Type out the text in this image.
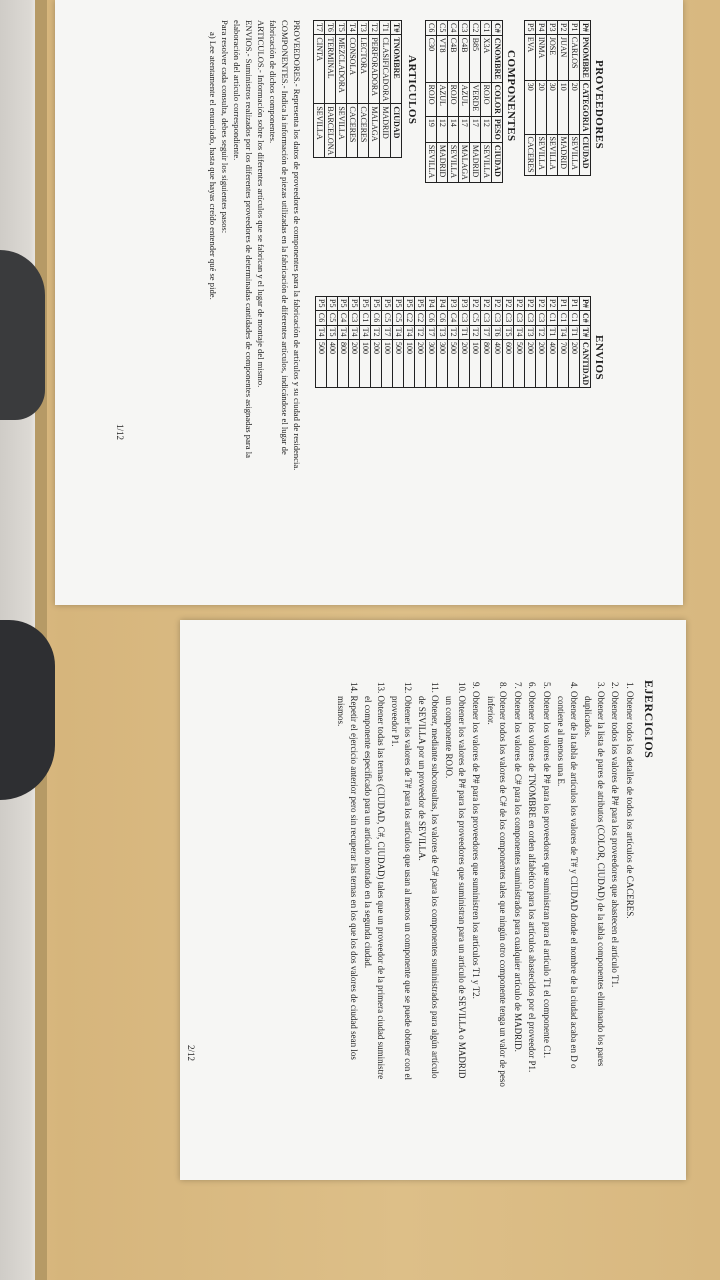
PROVEEDORES
P#	PNOMBRE	CATEGORIA	CIUDAD
P1	CARLOS	20	SEVILLA
P2	JUAN	10	MADRID
P3	JOSE	30	SEVILLA
P4	INMA	20	SEVILLA
P5	EVA	30	CACERES
COMPONENTES
C#	CNOMBRE	COLOR	PESO	CIUDAD
C1	X3A	ROJO	12	SEVILLA
C2	B85	VERDE	17	MADRID
C3	C4B	AZUL	17	MALAGA
C4	C4B	ROJO	14	SEVILLA
C5	VT8	AZUL	12	MADRID
C6	C30	ROJO	19	SEVILLA
ARTICULOS
T#	TNOMBRE	CIUDAD
T1	CLASIFICADORA	MADRID
T2	PERFORADORA	MALAGA
T3	LECTORA	CACERES
T4	CONSOLA	CACERES
T5	MEZCLADORA	SEVILLA
T6	TERMINAL	BARCELONA
T7	CINTA	SEVILLA
ENVIOS
P#	C#	T#	CANTIDAD
P1	C1	T1	200
P1	C1	T4	700
P2	C1	T1	400
P2	C3	T2	200
P2	C3	T3	200
P2	C3	T4	500
P2	C3	T5	600
P2	C3	T6	400
P2	C3	T7	800
P2	C5	T2	100
P3	C3	T1	200
P3	C4	T2	500
P4	C6	T3	300
P4	C6	T7	300
P5	C2	T2	200
P5	C2	T4	100
P5	C5	T4	500
P5	C5	T7	100
P5	C6	T2	200
P5	C1	T4	100
P5	C3	T4	200
P5	C4	T4	800
P5	C5	T5	400
P5	C6	T4	500

PROVEEDORES.- Representa los datos de proveedores de componentes para la fabricación de artículos y su ciudad de residencia.

COMPONENTES.- Indica la información de piezas utilizadas en la fabricación de diferentes artículos, indicándose el lugar de fabricación de dichos componentes.

ARTICULOS.- Información sobre los diferentes artículos que se fabrican y el lugar de montaje del mismo.

ENVIOS.- Suministros realizados por los diferentes proveedores de determinadas cantidades de componentes asignadas para la elaboración del artículo correspondiente.

Para resolver cada consulta, debes seguir los siguientes pasos:

a) Lee atentamente el enunciado, hasta que hayas creído entender qué se pide.

1/12
EJERCICIOS
1. Obtener todos los detalles de todos los artículos de CACERES.
2. Obtener todos los valores de P# para los proveedores que abastecen el artículo T1.
3. Obtener la lista de pares de atributos (COLOR, CIUDAD) de la tabla componentes eliminando los pares duplicados.
4. Obtener de la tabla de artículos los valores de T# y CIUDAD donde el nombre de la ciudad acaba en D o contiene al menos una E.
5. Obtener los valores de P# para los proveedores que suministran para el artículo T1 el componente C1.
6. Obtener los valores de TNOMBRE en orden alfabético para los artículos abastecidos por el proveedor P1.
7. Obtener los valores de C# para los componentes suministrados para cualquier artículo de MADRID.
8. Obtener todos los valores de C# de los componentes tales que ningún otro componente tenga un valor de peso inferior.
9. Obtener los valores de P# para los proveedores que suministren los artículos T1 y T2.
10. Obtener los valores de P# para los proveedores que suministran para un artículo de SEVILLA o MADRID un componente ROJO.
11. Obtener, mediante subconsultas, los valores de C# para los componentes suministrados para algún artículo de SEVILLA por un proveedor de SEVILLA.
12. Obtener los valores de T# para los artículos que usan al menos un componente que se puede obtener con el proveedor P1.
13. Obtener todas las ternas (CIUDAD, C#, CIUDAD) tales que un proveedor de la primera ciudad suministre el componente especificado para un artículo montado en la segunda ciudad.
14. Repetir el ejercicio anterior pero sin recuperar las ternas en los que los dos valores de ciudad sean los mismos.
2/12
